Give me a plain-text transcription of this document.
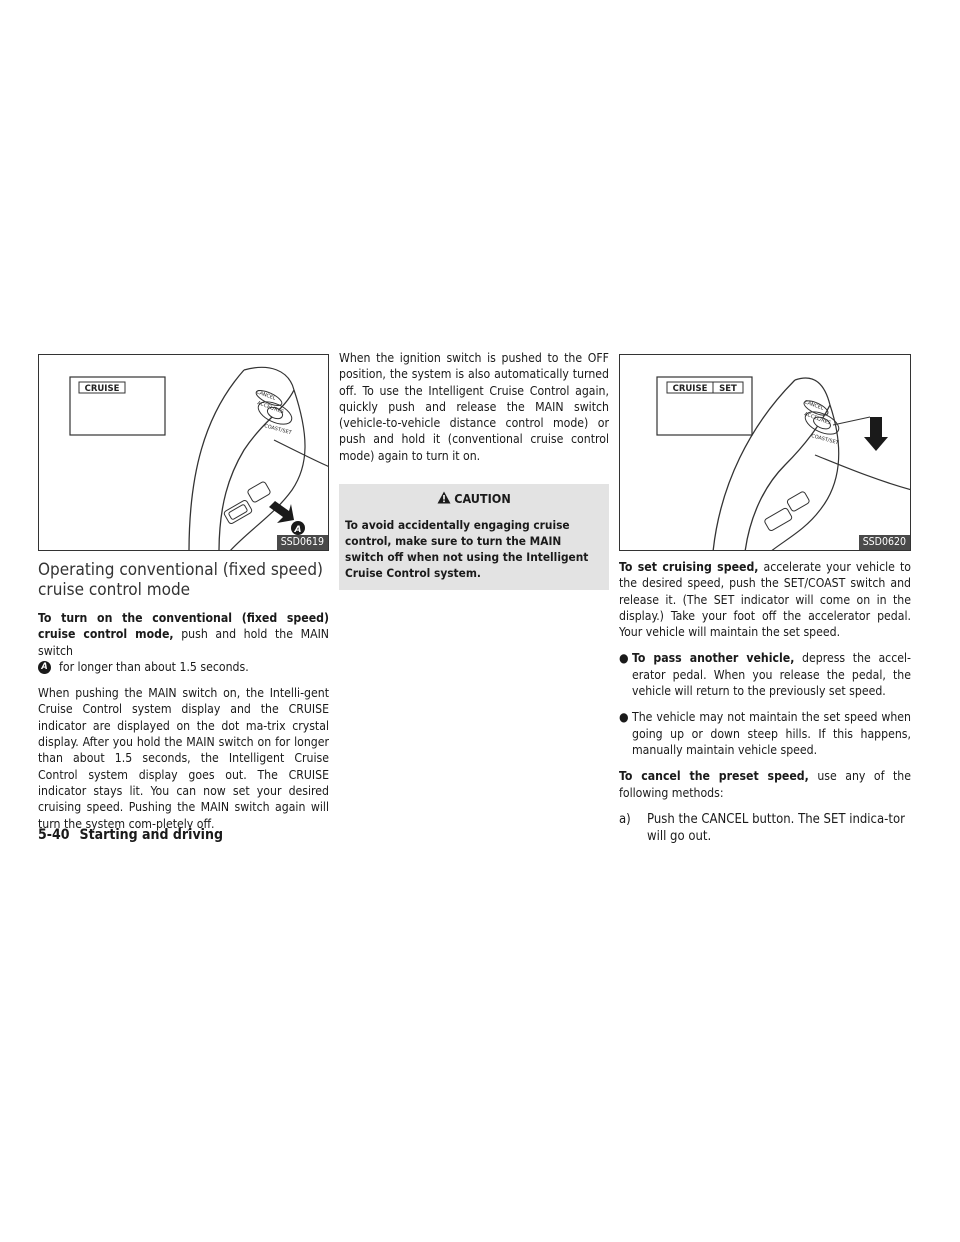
CRUISE
CANCEL
ACCEL/RES
COAST/SET
A
SSD0619
Operating conventional (fixed speed) cruise control mode

To turn on the conventional (fixed speed) cruise control mode, push and hold the MAIN switch
A for longer than about 1.5 seconds.

When pushing the MAIN switch on, the Intelli-gent Cruise Control system display and the CRUISE indicator are displayed on the dot ma-trix crystal display. After you hold the MAIN switch on for longer than about 1.5 seconds, the Intelligent Cruise Control system display goes out. The CRUISE indicator stays lit. You can now set your desired cruising speed. Pushing the MAIN switch again will turn the system com-pletely off.

When the ignition switch is pushed to the OFF position, the system is also automatically turned off. To use the Intelligent Cruise Control again, quickly push and release the MAIN switch (vehicle-to-vehicle distance control mode) or push and hold it (conventional cruise control mode) again to turn it on.

CAUTION
To avoid accidentally engaging cruise control, make sure to turn the MAIN switch off when not using the Intelligent Cruise Control system.
CRUISE SET
CANCEL
ACCEL/RES
COAST/SET
SSD0620

To set cruising speed, accelerate your vehicle to the desired speed, push the SET/COAST switch and release it. (The SET indicator will come on in the display.) Take your foot off the accelerator pedal. Your vehicle will maintain the set speed.

● To pass another vehicle, depress the accel-erator pedal. When you release the pedal, the vehicle will return to the previously set speed.
● The vehicle may not maintain the set speed when going up or down steep hills. If this happens, manually maintain vehicle speed.

To cancel the preset speed, use any of the following methods:

a) Push the CANCEL button. The SET indica-tor will go out.

5-40 Starting and driving
